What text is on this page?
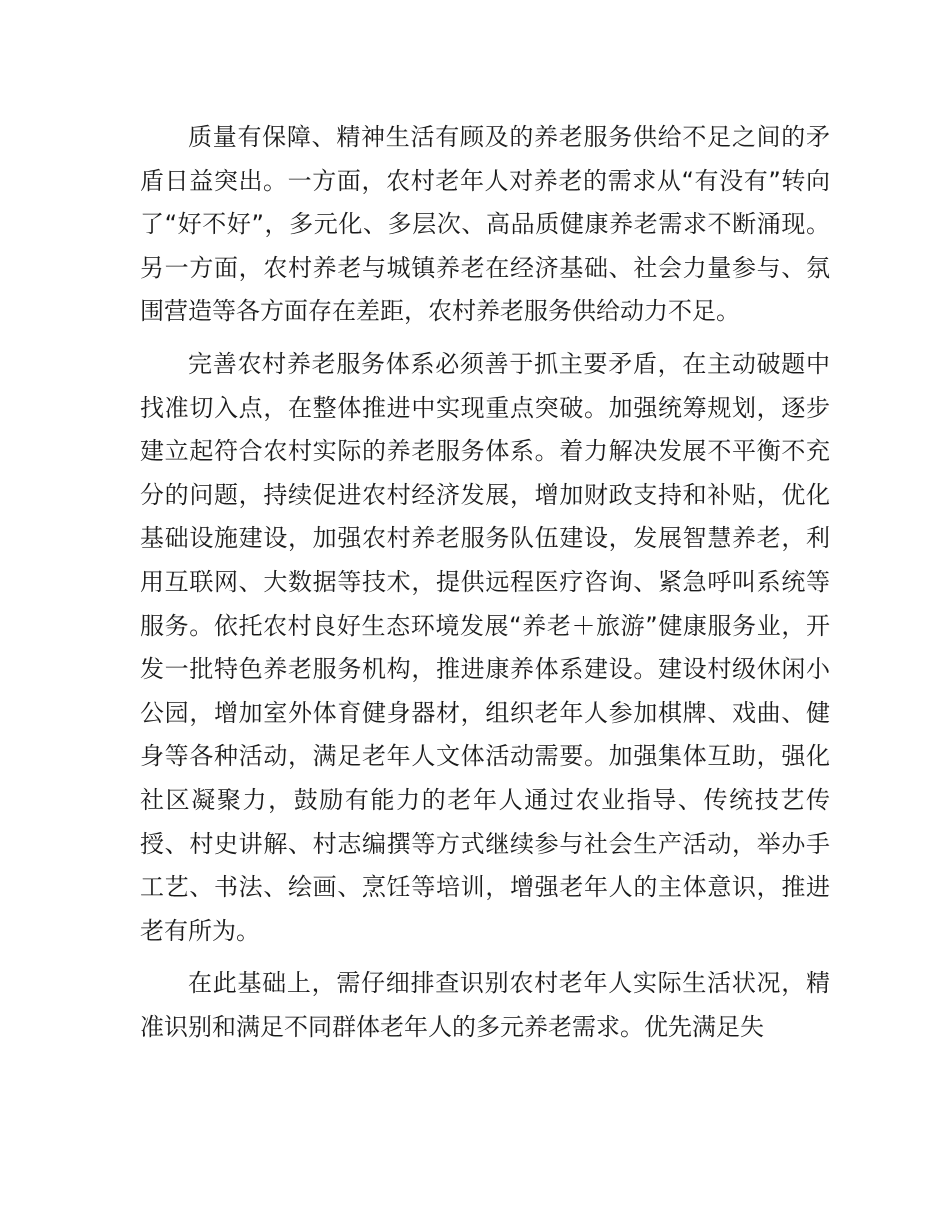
质量有保障、精神生活有顾及的养老服务供给不足之间的矛盾日益突出。一方面，农村老年人对养老的需求从“有没有”转向了“好不好”，多元化、多层次、高品质健康养老需求不断涌现。另一方面，农村养老与城镇养老在经济基础、社会力量参与、氛围营造等各方面存在差距，农村养老服务供给动力不足。

完善农村养老服务体系必须善于抓主要矛盾，在主动破题中找准切入点，在整体推进中实现重点突破。加强统筹规划，逐步建立起符合农村实际的养老服务体系。着力解决发展不平衡不充分的问题，持续促进农村经济发展，增加财政支持和补贴，优化基础设施建设，加强农村养老服务队伍建设，发展智慧养老，利用互联网、大数据等技术，提供远程医疗咨询、紧急呼叫系统等服务。依托农村良好生态环境发展“养老＋旅游”健康服务业，开发一批特色养老服务机构，推进康养体系建设。建设村级休闲小公园，增加室外体育健身器材，组织老年人参加棋牌、戏曲、健身等各种活动，满足老年人文体活动需要。加强集体互助，强化社区凝聚力，鼓励有能力的老年人通过农业指导、传统技艺传授、村史讲解、村志编撰等方式继续参与社会生产活动，举办手工艺、书法、绘画、烹饪等培训，增强老年人的主体意识，推进老有所为。

在此基础上，需仔细排查识别农村老年人实际生活状况，精准识别和满足不同群体老年人的多元养老需求。优先满足失
